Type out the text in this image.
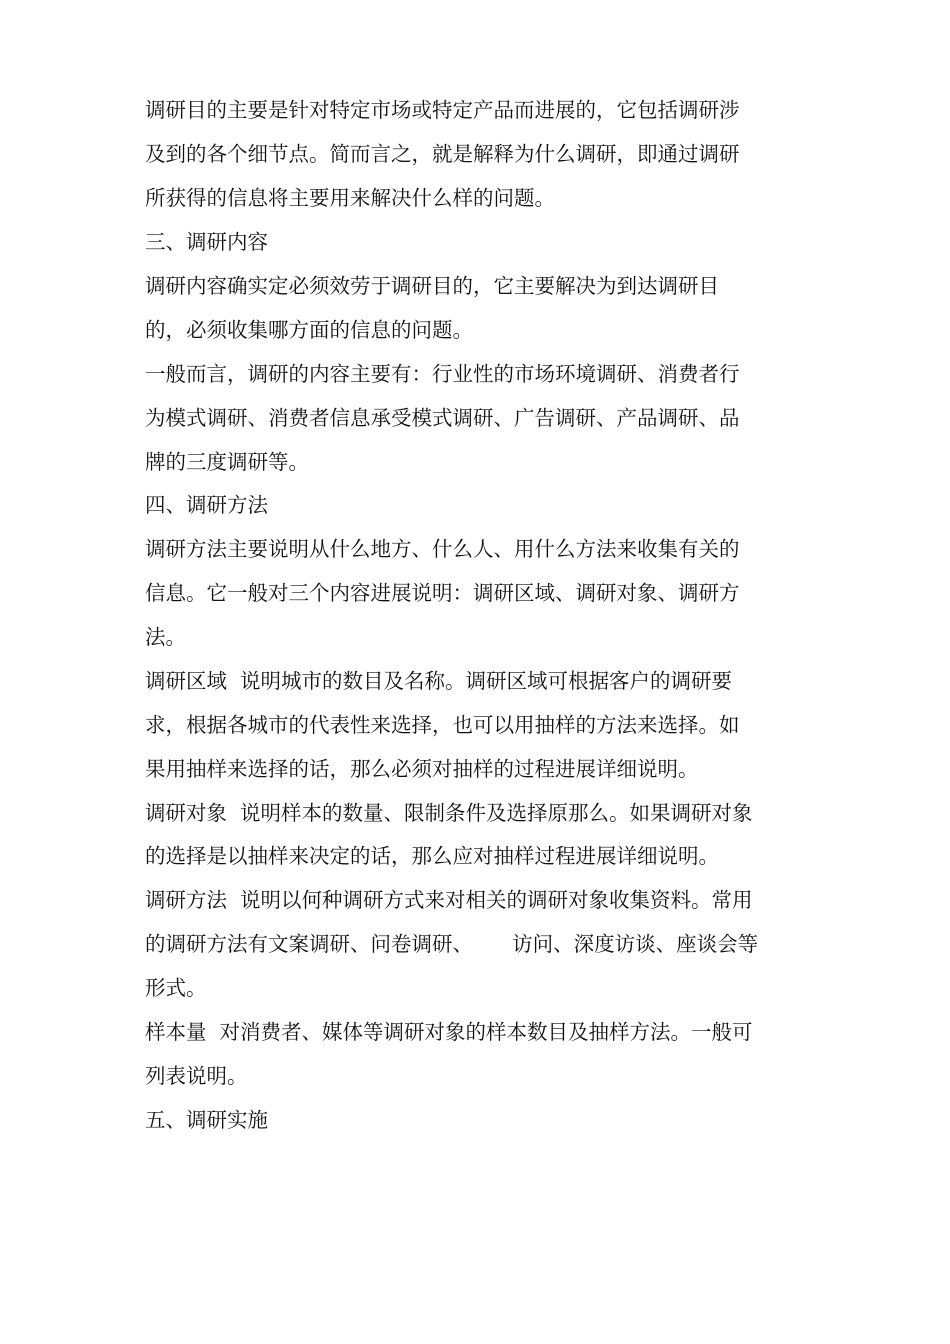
调研目的主要是针对特定市场或特定产品而进展的，它包括调研涉
及到的各个细节点。简而言之，就是解释为什么调研，即通过调研
所获得的信息将主要用来解决什么样的问题。
三、调研内容
调研内容确实定必须效劳于调研目的，它主要解决为到达调研目
的，必须收集哪方面的信息的问题。
一般而言，调研的内容主要有：行业性的市场环境调研、消费者行
为模式调研、消费者信息承受模式调研、广告调研、产品调研、品
牌的三度调研等。
四、调研方法
调研方法主要说明从什么地方、什么人、用什么方法来收集有关的
信息。它一般对三个内容进展说明：调研区域、调研对象、调研方
法。
调研区域  说明城市的数目及名称。调研区域可根据客户的调研要
求，根据各城市的代表性来选择，也可以用抽样的方法来选择。如
果用抽样来选择的话，那么必须对抽样的过程进展详细说明。
调研对象  说明样本的数量、限制条件及选择原那么。如果调研对象
的选择是以抽样来决定的话，那么应对抽样过程进展详细说明。
调研方法  说明以何种调研方式来对相关的调研对象收集资料。常用
的调研方法有文案调研、问卷调研、      访问、深度访谈、座谈会等
形式。
样本量  对消费者、媒体等调研对象的样本数目及抽样方法。一般可
列表说明。
五、调研实施
